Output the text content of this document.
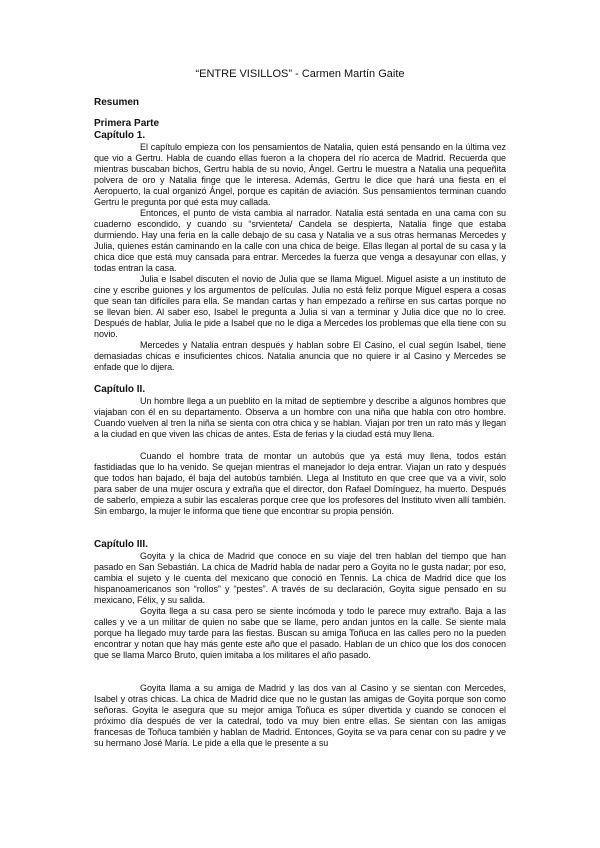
“ENTRE VISILLOS” - Carmen Martín Gaite
Resumen
Primera Parte
Capítulo 1.

El capítulo empieza con los pensamientos de Natalia, quien está pensando en la última vez que vio a Gertru. Habla de cuando ellas fueron a la chopera del río acerca de Madrid. Recuerda que mientras buscaban bichos, Gertru habla de su novio, Ángel. Gertru le muestra a Natalia una pequeñita polvera de oro y Natalia finge que le interesa. Además, Gertru le dice que hará una fiesta en el Aeropuerto, la cual organizó Ángel, porque es capitán de aviación. Sus pensamientos terminan cuando Gertru le pregunta por qué esta muy callada.

Entonces, el punto de vista cambia al narrador. Natalia está sentada en una cama con su cuaderno escondido, y cuando su “srvienteta/ Candela se despierta, Natalia finge que estaba durmiendo. Hay una feria en la calle debajo de su casa y Natalia ve a sus otras hermanas Mercedes y Julia, quienes están caminando en la calle con una chica de beige. Ellas llegan al portal de su casa y la chica dice que está muy cansada para entrar. Mercedes la fuerza que venga a desayunar con ellas, y todas entran la casa.

Julia e Isabel discuten el novio de Julia que se llama Miguel. Miguel asiste a un instituto de cine y escribe guiones y los argumentos de películas. Julia no está feliz porque Miguel espera a cosas que sean tan difíciles para ella. Se mandan cartas y han empezado a reñirse en sus cartas porque no se llevan bien. Al saber eso, Isabel le pregunta a Julia si van a terminar y Julia dice que no lo cree. Después de hablar, Julia le pide a Isabel que no le diga a Mercedes los problemas que ella tiene con su novio.

Mercedes y Natalia entran después y hablan sobre El Casino, el cual según Isabel, tiene demasiadas chicas e insuficientes chicos. Natalia anuncia que no quiere ir al Casino y Mercedes se enfade que lo dijera.

Capítulo II.

Un hombre llega a un pueblito en la mitad de septiembre y describe a algunos hombres que viajaban con él en su departamento. Observa a un hombre con una niña que habla con otro hombre. Cuando vuelven al tren la niña se sienta con otra chica y se hablan. Viajan por tren un rato más y llegan a la ciudad en que viven las chicas de antes. Esta de ferias y la ciudad está muy llena.

Cuando el hombre trata de montar un autobús que ya está muy llena, todos están fastidiadas que lo ha venido. Se quejan mientras el manejador lo deja entrar. Viajan un rato y después que todos han bajado, él baja del autobús también. Llega al Instituto en que cree que va a vivir, solo para saber de una mujer oscura y extraña que el director, don Rafael Domínguez, ha muerto. Después de saberlo, empieza a subir las escaleras porque cree que los profesores del Instituto viven allí también. Sin embargo, la mujer le informa que tiene que encontrar su propia pensión.

Capítulo III.

Goyita y la chica de Madrid que conoce en su viaje del tren hablan del tiempo que han pasado en San Sebastián. La chica de Madrid habla de nadar pero a Goyita no le gusta nadar; por eso, cambia el sujeto y le cuenta del mexicano que conoció en Tennis. La chica de Madrid dice que los hispanoamericanos son “rollos” y “pestes”. A través de su declaración, Goyita sigue pensado en su mexicano, Félix, y su salida.

Goyita llega a su casa pero se siente incómoda y todo le parece muy extraño. Baja a las calles y ve a un militar de quien no sabe que se llame, pero andan juntos en la calle. Se siente mala porque ha llegado muy tarde para las fiestas. Buscan su amiga Toñuca en las calles pero no la pueden encontrar y notan que hay más gente este año que el pasado. Hablan de un chico que los dos conocen que se llama Marco Bruto, quien imitaba a los militares el año pasado.

Goyita llama a su amiga de Madrid y las dos van al Casino y se sientan con Mercedes, Isabel y otras chicas. La chica de Madrid dice que no le gustan las amigas de Goyita porque son como señoras. Goyita le asegura que su mejor amiga Toñuca es súper divertida y cuando se conocen el próximo día después de ver la catedral, todo va muy bien entre ellas. Se sientan con las amigas francesas de Toñuca también y hablan de Madrid. Entonces, Goyita se va para cenar con su padre y ve su hermano José María. Le pide a ella que le presente a su
